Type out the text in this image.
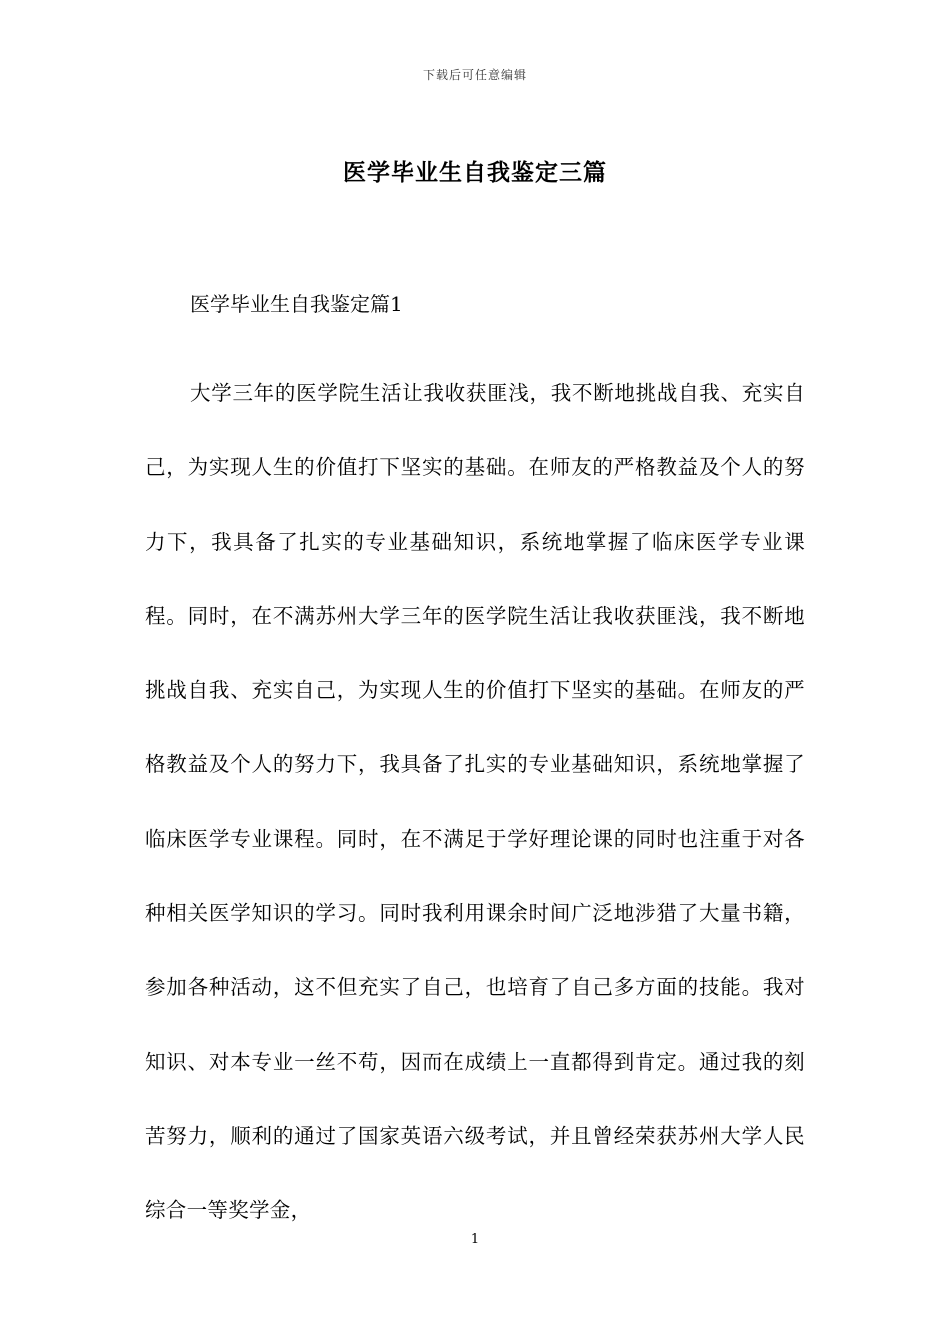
下载后可任意编辑
医学毕业生自我鉴定三篇
医学毕业生自我鉴定篇1

大学三年的医学院生活让我收获匪浅，我不断地挑战自我、充实自己，为实现人生的价值打下坚实的基础。在师友的严格教益及个人的努力下，我具备了扎实的专业基础知识，系统地掌握了临床医学专业课程。同时，在不满苏州大学三年的医学院生活让我收获匪浅，我不断地挑战自我、充实自己，为实现人生的价值打下坚实的基础。在师友的严格教益及个人的努力下，我具备了扎实的专业基础知识，系统地掌握了临床医学专业课程。同时，在不满足于学好理论课的同时也注重于对各种相关医学知识的学习。同时我利用课余时间广泛地涉猎了大量书籍，参加各种活动，这不但充实了自己，也培育了自己多方面的技能。我对知识、对本专业一丝不苟，因而在成绩上一直都得到肯定。通过我的刻苦努力，顺利的通过了国家英语六级考试，并且曾经荣获苏州大学人民综合一等奖学金，

1
